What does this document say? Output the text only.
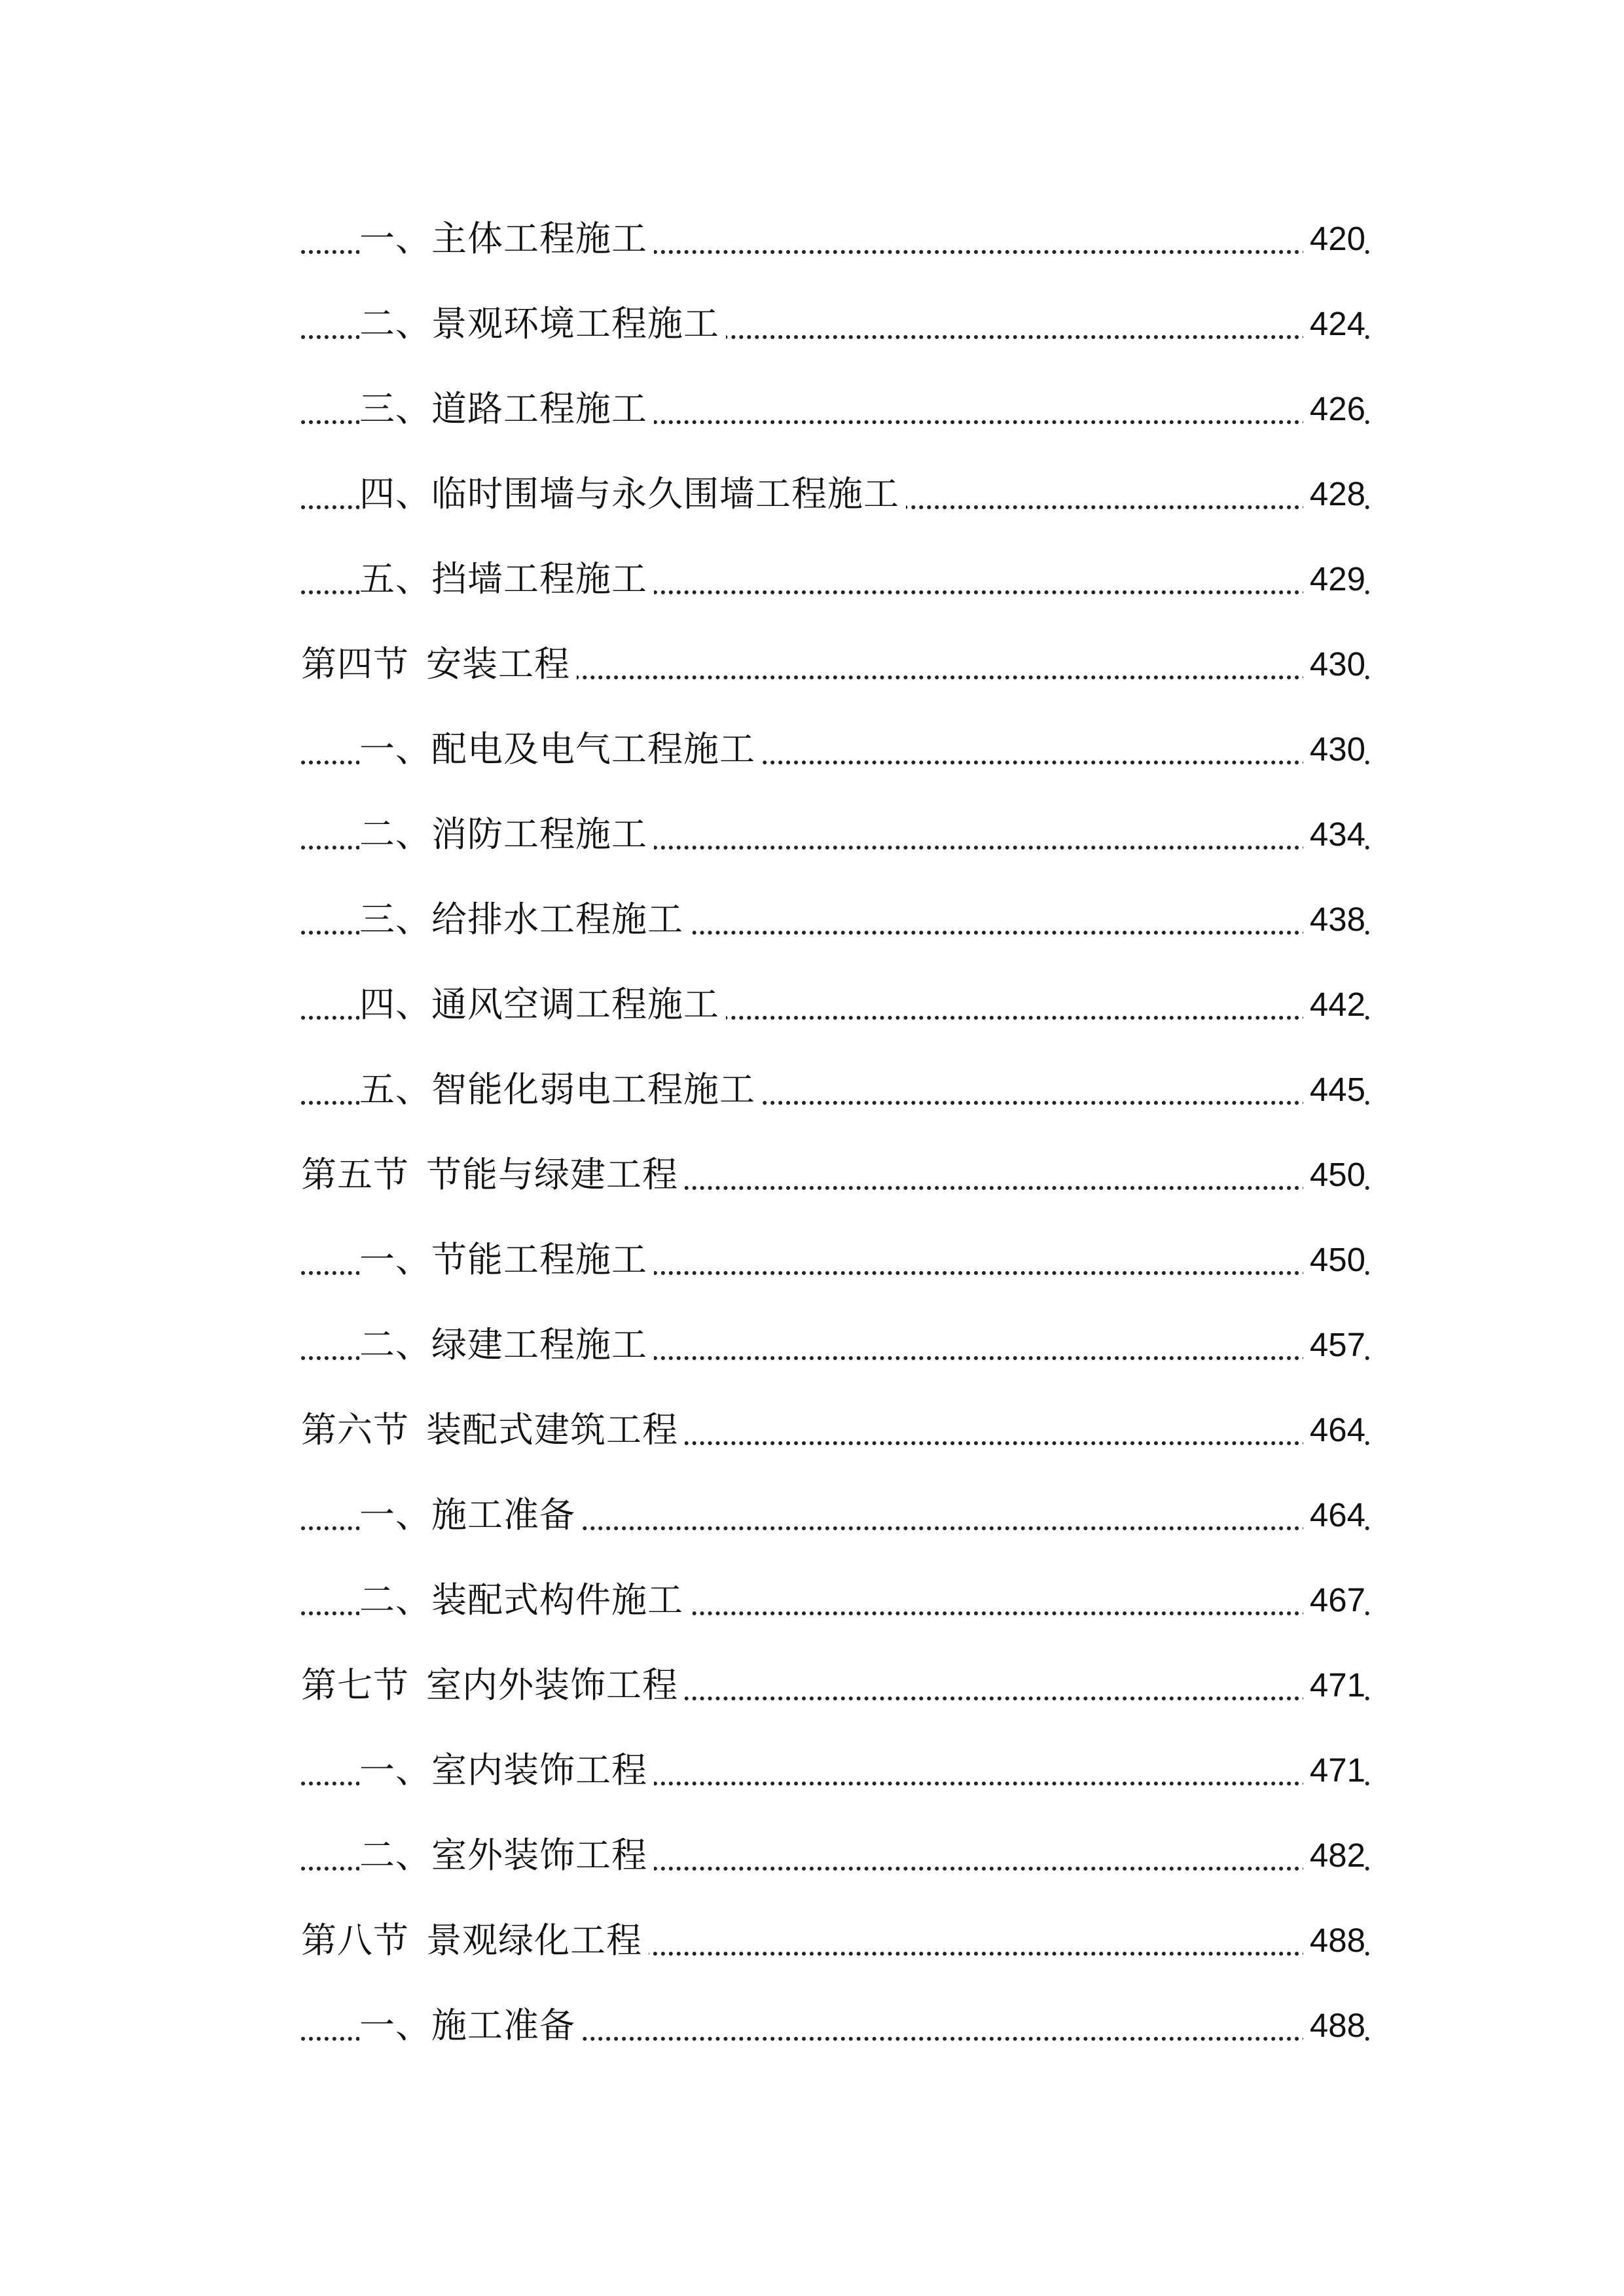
一、主体工程施工	420
二、景观环境工程施工	424
三、道路工程施工	426
四、临时围墙与永久围墙工程施工	428
五、挡墙工程施工	429
第四节 安装工程	430
一、配电及电气工程施工	430
二、消防工程施工	434
三、给排水工程施工	438
四、通风空调工程施工	442
五、智能化弱电工程施工	445
第五节 节能与绿建工程	450
一、节能工程施工	450
二、绿建工程施工	457
第六节 装配式建筑工程	464
一、施工准备	464
二、装配式构件施工	467
第七节 室内外装饰工程	471
一、室内装饰工程	471
二、室外装饰工程	482
第八节 景观绿化工程	488
一、施工准备	488
